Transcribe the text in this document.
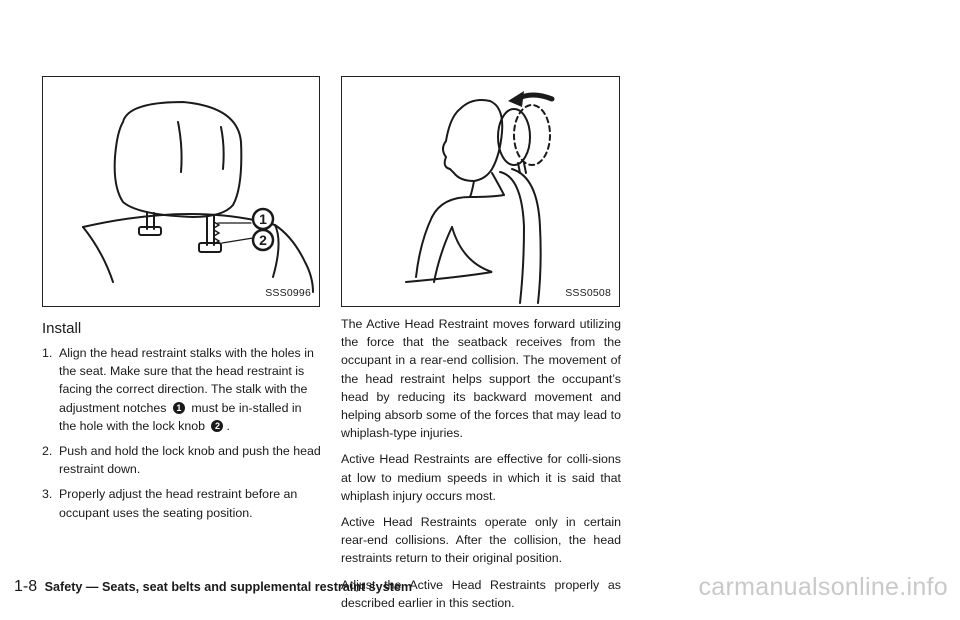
1
2
SSS0996	SSS0508
Install
1. Align the head restraint stalks with the holes in the seat. Make sure that the head restraint is facing the correct direction. The stalk with the adjustment notches 1 must be in-stalled in the hole with the lock knob 2 .
2. Push and hold the lock knob and push the head restraint down.
3. Properly adjust the head restraint before an occupant uses the seating position.

The Active Head Restraint moves forward utilizing the force that the seatback receives from the occupant in a rear-end collision. The movement of the head restraint helps support the occupant’s head by reducing its backward movement and helping absorb some of the forces that may lead to whiplash-type injuries.

Active Head Restraints are effective for colli-sions at low to medium speeds in which it is said that whiplash injury occurs most.

Active Head Restraints operate only in certain rear-end collisions. After the collision, the head restraints return to their original position.

Adjust the Active Head Restraints properly as described earlier in this section.

1-8 Safety — Seats, seat belts and supplemental restraint system	carmanualsonline.info
